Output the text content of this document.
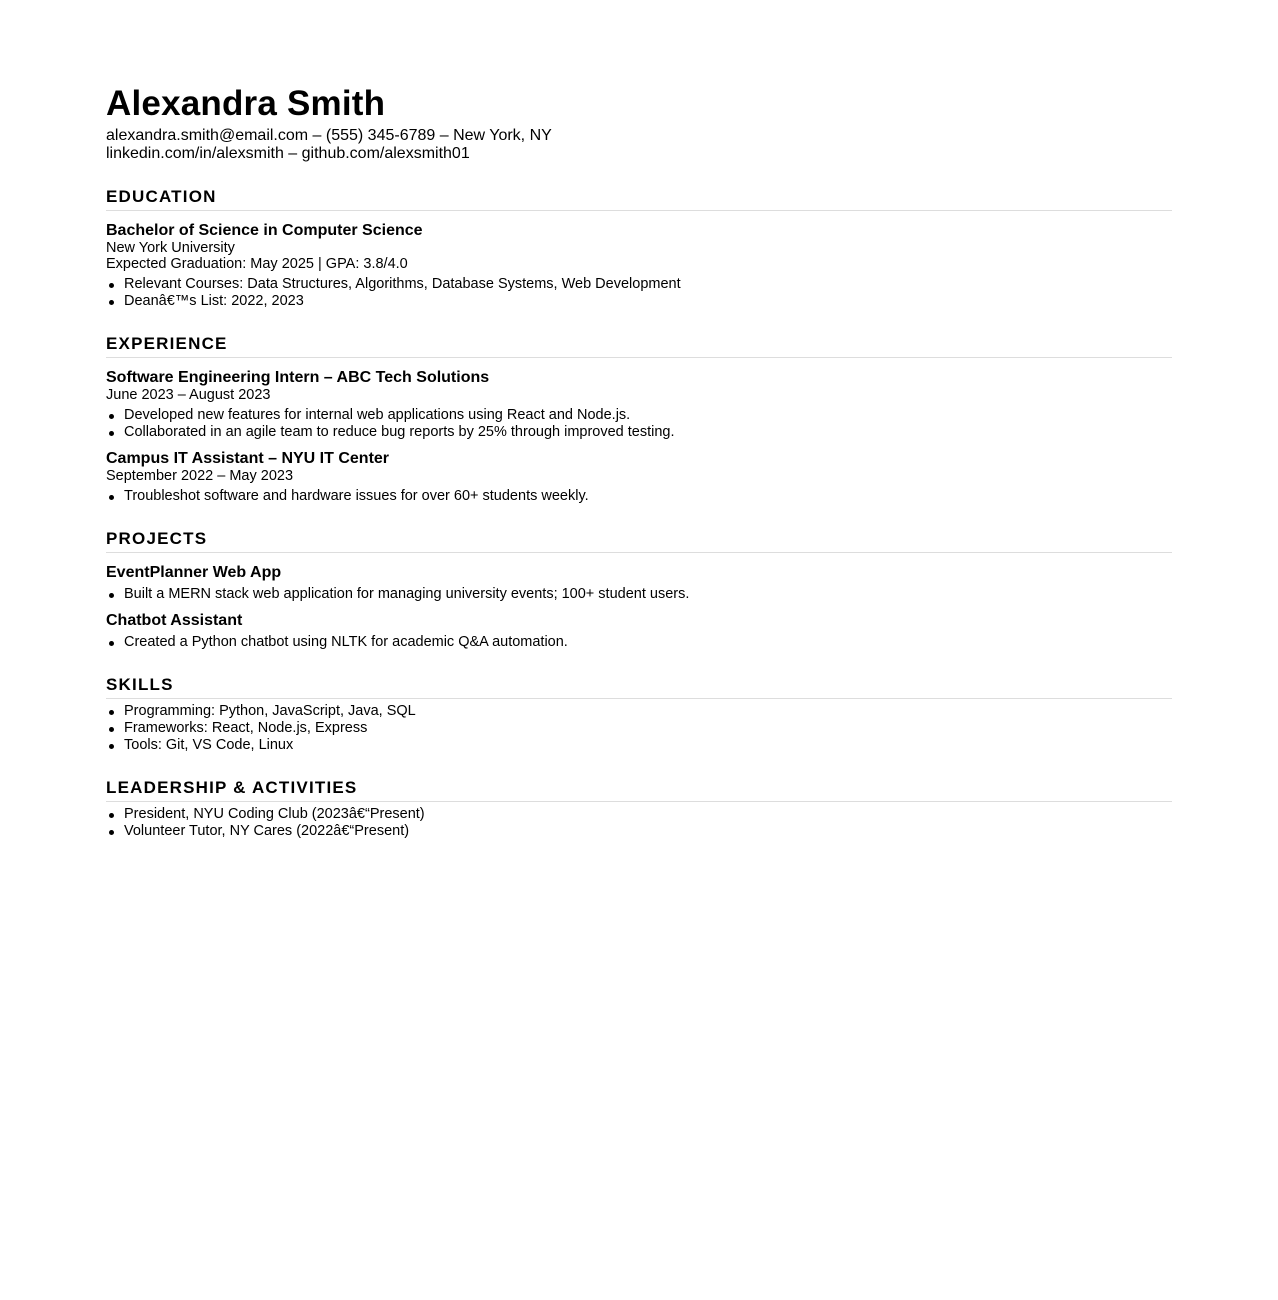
Alexandra Smith
alexandra.smith@email.com – (555) 345-6789 – New York, NY
linkedin.com/in/alexsmith – github.com/alexsmith01
EDUCATION
Bachelor of Science in Computer Science
New York University
Expected Graduation: May 2025 | GPA: 3.8/4.0
Relevant Courses: Data Structures, Algorithms, Database Systems, Web Development
Deanâ€™s List: 2022, 2023
EXPERIENCE
Software Engineering Intern – ABC Tech Solutions
June 2023 – August 2023
Developed new features for internal web applications using React and Node.js.
Collaborated in an agile team to reduce bug reports by 25% through improved testing.
Campus IT Assistant – NYU IT Center
September 2022 – May 2023
Troubleshot software and hardware issues for over 60+ students weekly.
PROJECTS
EventPlanner Web App
Built a MERN stack web application for managing university events; 100+ student users.
Chatbot Assistant
Created a Python chatbot using NLTK for academic Q&A automation.
SKILLS
Programming: Python, JavaScript, Java, SQL
Frameworks: React, Node.js, Express
Tools: Git, VS Code, Linux
LEADERSHIP & ACTIVITIES
President, NYU Coding Club (2023â€“Present)
Volunteer Tutor, NY Cares (2022â€“Present)
